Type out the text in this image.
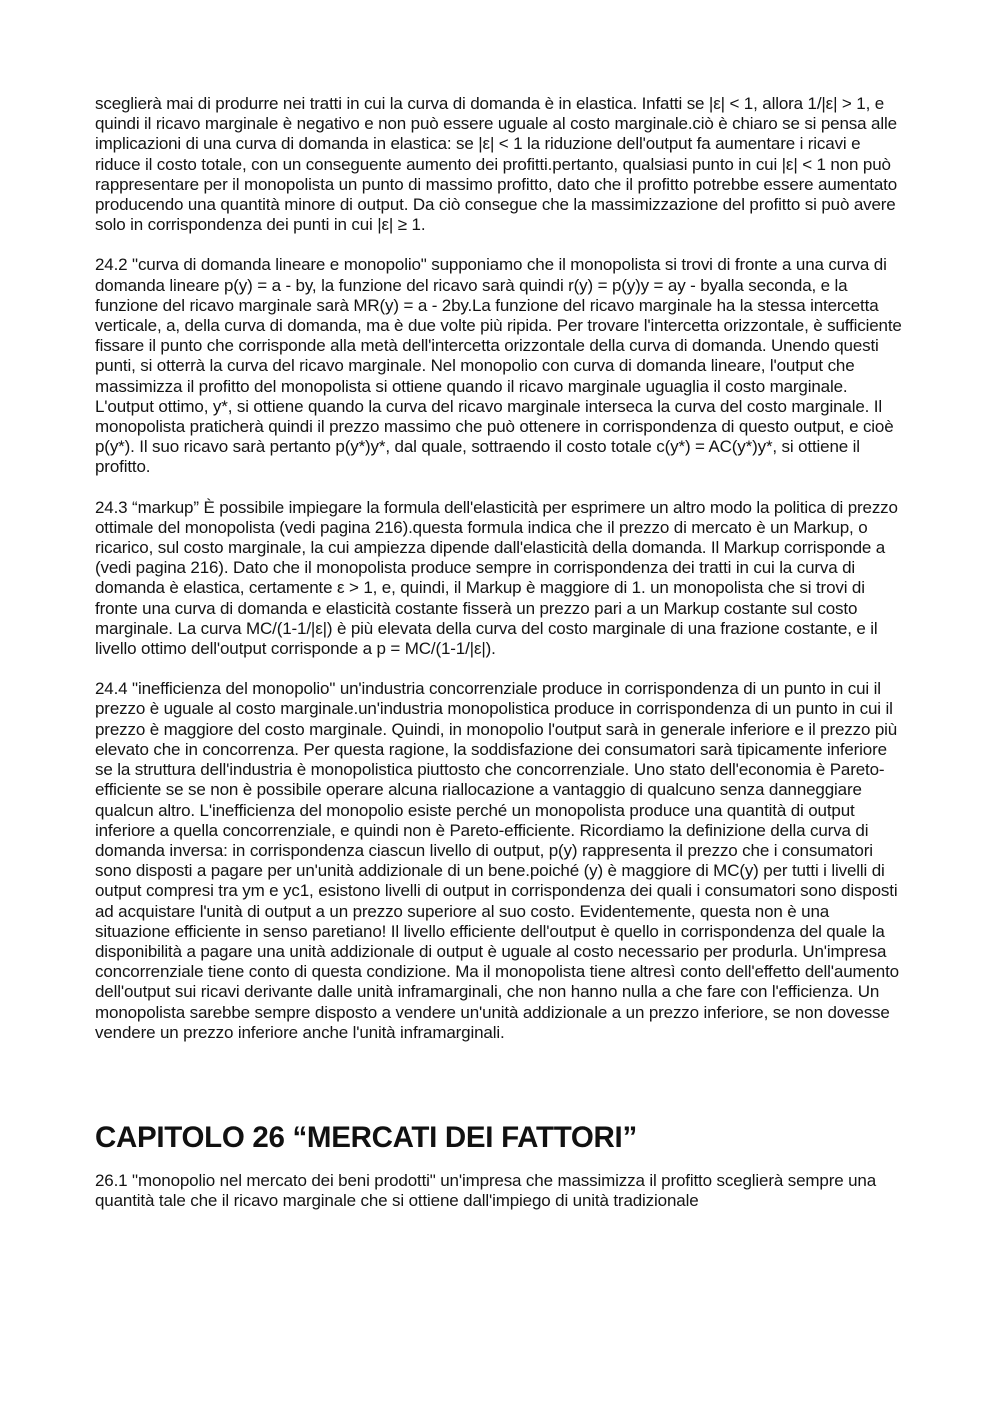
sceglierà mai di produrre nei tratti in cui la curva di domanda è in elastica. Infatti se |ε| < 1, allora 1/|ε| > 1, e quindi il ricavo marginale è negativo e non può essere uguale al costo marginale.ciò è chiaro se si pensa alle implicazioni di una curva di domanda in elastica: se |ε| < 1 la riduzione dell'output fa aumentare i ricavi e riduce il costo totale, con un conseguente aumento dei profitti.pertanto, qualsiasi punto in cui |ε| < 1 non può rappresentare per il monopolista un punto di massimo profitto, dato che il profitto potrebbe essere aumentato producendo una quantità minore di output. Da ciò consegue che la massimizzazione del profitto si può avere solo in corrispondenza dei punti in cui |ε| ≥ 1.

24.2 "curva di domanda lineare e monopolio" supponiamo che il monopolista si trovi di fronte a una curva di domanda lineare p(y) = a - by, la funzione del ricavo sarà quindi r(y) = p(y)y = ay - byalla seconda, e la funzione del ricavo marginale sarà MR(y) = a - 2by.La funzione del ricavo marginale ha la stessa intercetta verticale, a, della curva di domanda, ma è due volte più ripida. Per trovare l'intercetta orizzontale, è sufficiente fissare il punto che corrisponde alla metà dell'intercetta orizzontale della curva di domanda. Unendo questi punti, si otterrà la curva del ricavo marginale. Nel monopolio con curva di domanda lineare, l'output che massimizza il profitto del monopolista si ottiene quando il ricavo marginale uguaglia il costo marginale. L'output ottimo, y*, si ottiene quando la curva del ricavo marginale interseca la curva del costo marginale. Il monopolista praticherà quindi il prezzo massimo che può ottenere in corrispondenza di questo output, e cioè p(y*). Il suo ricavo sarà pertanto p(y*)y*, dal quale, sottraendo il costo totale c(y*) = AC(y*)y*, si ottiene il profitto.

24.3 “markup” È possibile impiegare la formula dell'elasticità per esprimere un altro modo la politica di prezzo ottimale del monopolista (vedi pagina 216).questa formula indica che il prezzo di mercato è un Markup, o ricarico, sul costo marginale, la cui ampiezza dipende dall'elasticità della domanda. Il Markup corrisponde a (vedi pagina 216). Dato che il monopolista produce sempre in corrispondenza dei tratti in cui la curva di domanda è elastica, certamente ε > 1, e, quindi, il Markup è maggiore di 1. un monopolista che si trovi di fronte una curva di domanda e elasticità costante fisserà un prezzo pari a un Markup costante sul costo marginale. La curva MC/(1-1/|ε|) è più elevata della curva del costo marginale di una frazione costante, e il livello ottimo dell'output corrisponde a p = MC/(1-1/|ε|).

24.4 "inefficienza del monopolio" un'industria concorrenziale produce in corrispondenza di un punto in cui il prezzo è uguale al costo marginale.un'industria monopolistica produce in corrispondenza di un punto in cui il prezzo è maggiore del costo marginale. Quindi, in monopolio l'output sarà in generale inferiore e il prezzo più elevato che in concorrenza. Per questa ragione, la soddisfazione dei consumatori sarà tipicamente inferiore se la struttura dell'industria è monopolistica piuttosto che concorrenziale. Uno stato dell'economia è Pareto-efficiente se se non è possibile operare alcuna riallocazione a vantaggio di qualcuno senza danneggiare qualcun altro. L'inefficienza del monopolio esiste perché un monopolista produce una quantità di output inferiore a quella concorrenziale, e quindi non è Pareto-efficiente. Ricordiamo la definizione della curva di domanda inversa: in corrispondenza ciascun livello di output, p(y) rappresenta il prezzo che i consumatori sono disposti a pagare per un'unità addizionale di un bene.poiché (y) è maggiore di MC(y) per tutti i livelli di output compresi tra ym e yc1, esistono livelli di output in corrispondenza dei quali i consumatori sono disposti ad acquistare l'unità di output a un prezzo superiore al suo costo. Evidentemente, questa non è una situazione efficiente in senso paretiano! Il livello efficiente dell'output è quello in corrispondenza del quale la disponibilità a pagare una unità addizionale di output è uguale al costo necessario per produrla. Un'impresa concorrenziale tiene conto di questa condizione. Ma il monopolista tiene altresì conto dell'effetto dell'aumento dell'output sui ricavi derivante dalle unità inframarginali, che non hanno nulla a che fare con l'efficienza. Un monopolista sarebbe sempre disposto a vendere un'unità addizionale a un prezzo inferiore, se non dovesse vendere un prezzo inferiore anche l'unità inframarginali.

CAPITOLO 26 “MERCATI DEI FATTORI”

26.1 "monopolio nel mercato dei beni prodotti" un'impresa che massimizza il profitto sceglierà sempre una quantità tale che il ricavo marginale che si ottiene dall'impiego di unità tradizionale
